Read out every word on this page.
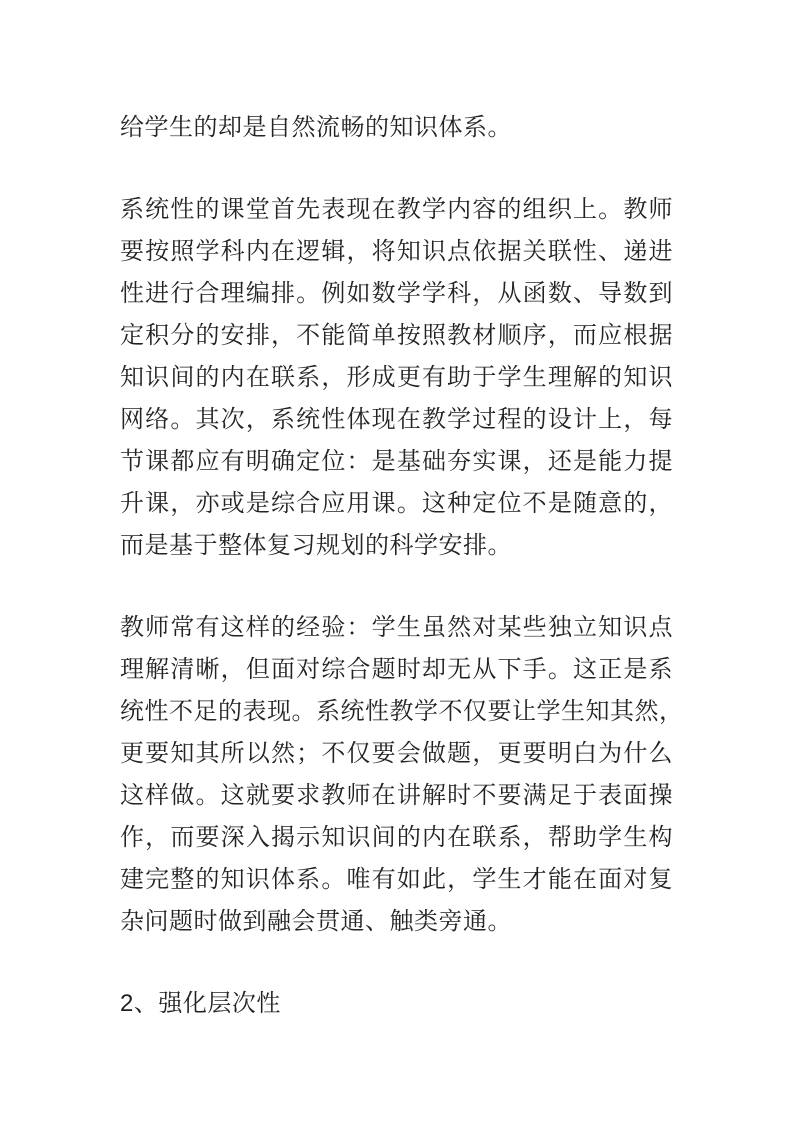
给学生的却是自然流畅的知识体系。
系统性的课堂首先表现在教学内容的组织上。教师
要按照学科内在逻辑，将知识点依据关联性、递进
性进行合理编排。例如数学学科，从函数、导数到
定积分的安排，不能简单按照教材顺序，而应根据
知识间的内在联系，形成更有助于学生理解的知识
网络。其次，系统性体现在教学过程的设计上，每
节课都应有明确定位：是基础夯实课，还是能力提
升课，亦或是综合应用课。这种定位不是随意的，
而是基于整体复习规划的科学安排。
教师常有这样的经验：学生虽然对某些独立知识点
理解清晰，但面对综合题时却无从下手。这正是系
统性不足的表现。系统性教学不仅要让学生知其然，
更要知其所以然；不仅要会做题，更要明白为什么
这样做。这就要求教师在讲解时不要满足于表面操
作，而要深入揭示知识间的内在联系，帮助学生构
建完整的知识体系。唯有如此，学生才能在面对复
杂问题时做到融会贯通、触类旁通。
2、强化层次性
